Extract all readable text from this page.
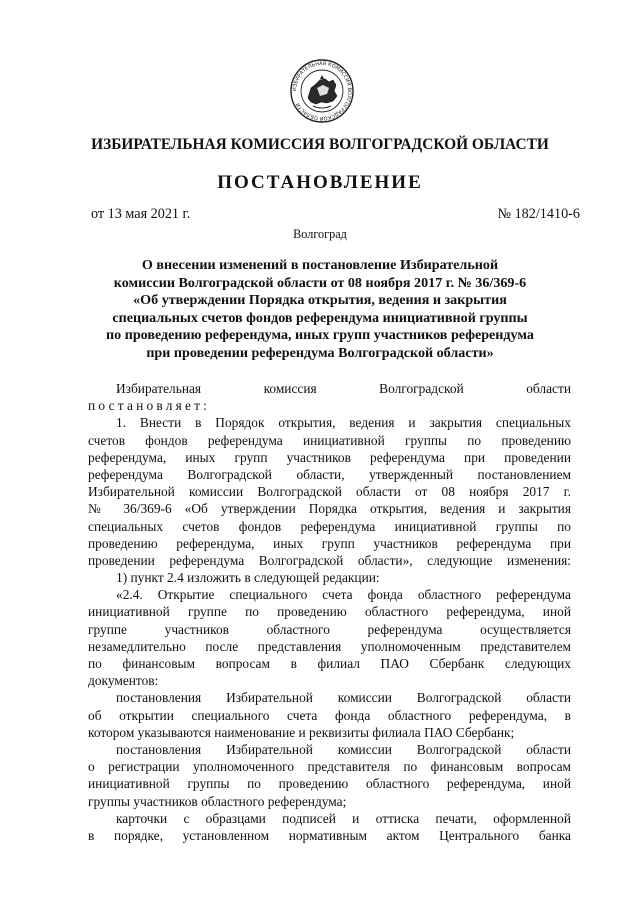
ИЗБИРАТЕЛЬНАЯ КОМИССИЯ ВОЛГОГРАДСКОЙ ОБЛАСТИ
ИЗБИРАТЕЛЬНАЯ КОМИССИЯ ВОЛГОГРАДСКОЙ ОБЛАСТИ
ПОСТАНОВЛЕНИЕ
от 13 мая 2021 г.	№ 182/1410-6
Волгоград
О внесении изменений в постановление Избирательной
комиссии Волгоградской области от 08 ноября 2017 г. № 36/369-6
«Об утверждении Порядка открытия, ведения и закрытия
специальных счетов фондов референдума инициативной группы
по проведению референдума, иных групп участников референдума
при проведении референдума Волгоградской области»
Избирательная комиссия Волгоградской области
постановляет:
1. Внести в Порядок открытия, ведения и закрытия специальных
счетов фондов референдума инициативной группы по проведению
референдума, иных групп участников референдума при проведении
референдума Волгоградской области, утвержденный постановлением
Избирательной комиссии Волгоградской области от 08 ноября 2017 г.
№ 36/369-6 «Об утверждении Порядка открытия, ведения и закрытия
специальных счетов фондов референдума инициативной группы по
проведению референдума, иных групп участников референдума при
проведении референдума Волгоградской области», следующие изменения:
1) пункт 2.4 изложить в следующей редакции:
«2.4. Открытие специального счета фонда областного референдума
инициативной группе по проведению областного референдума, иной
группе участников областного референдума осуществляется
незамедлительно после представления уполномоченным представителем
по финансовым вопросам в филиал ПАО Сбербанк следующих
документов:
постановления Избирательной комиссии Волгоградской области
об открытии специального счета фонда областного референдума, в
котором указываются наименование и реквизиты филиала ПАО Сбербанк;
постановления Избирательной комиссии Волгоградской области
о регистрации уполномоченного представителя по финансовым вопросам
инициативной группы по проведению областного референдума, иной
группы участников областного референдума;
карточки с образцами подписей и оттиска печати, оформленной
в порядке, установленном нормативным актом Центрального банка
